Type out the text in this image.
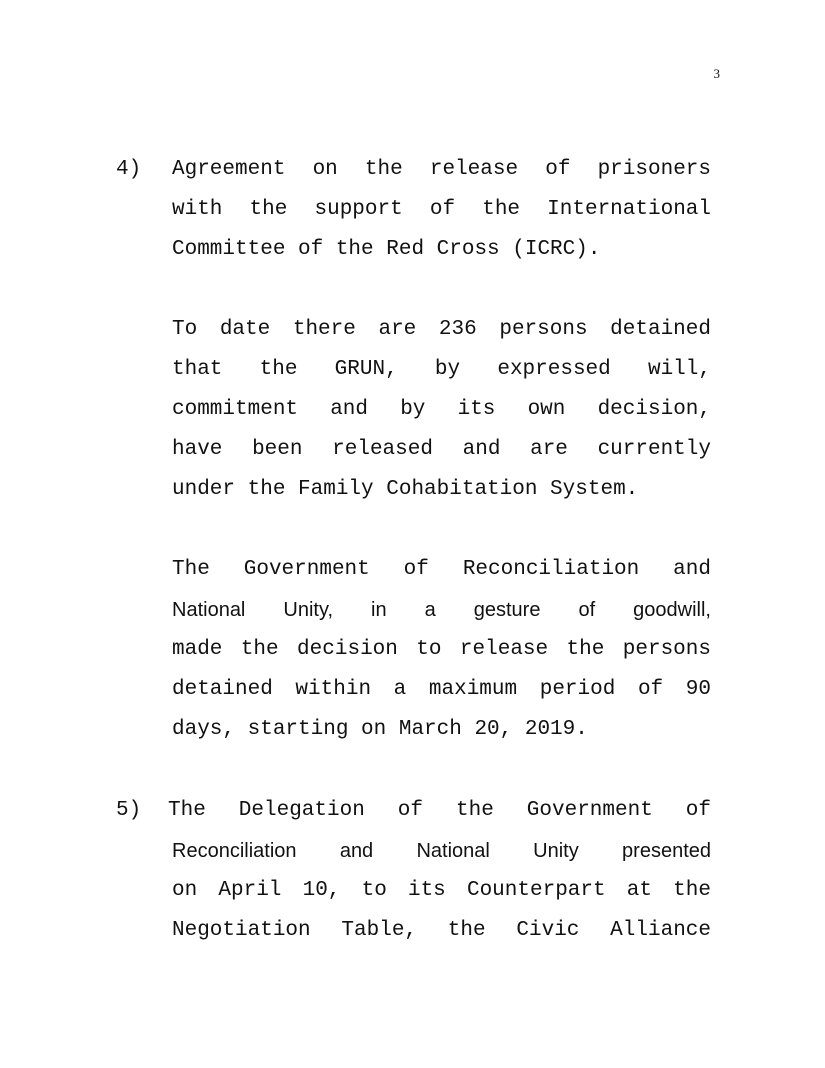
3
4) Agreement on the release of prisoners
with the support of the International
Committee of the Red Cross (ICRC).
To date there are 236 persons detained
that the GRUN, by expressed will,
commitment and by its own decision,
have been released and are currently
under the Family Cohabitation System.
The Government of Reconciliation and
National Unity, in a gesture of goodwill,
made the decision to release the persons
detained within a maximum period of 90
days, starting on March 20, 2019.
5) The Delegation of the Government of
Reconciliation and National Unity presented
on April 10, to its Counterpart at the
Negotiation Table, the Civic Alliance
